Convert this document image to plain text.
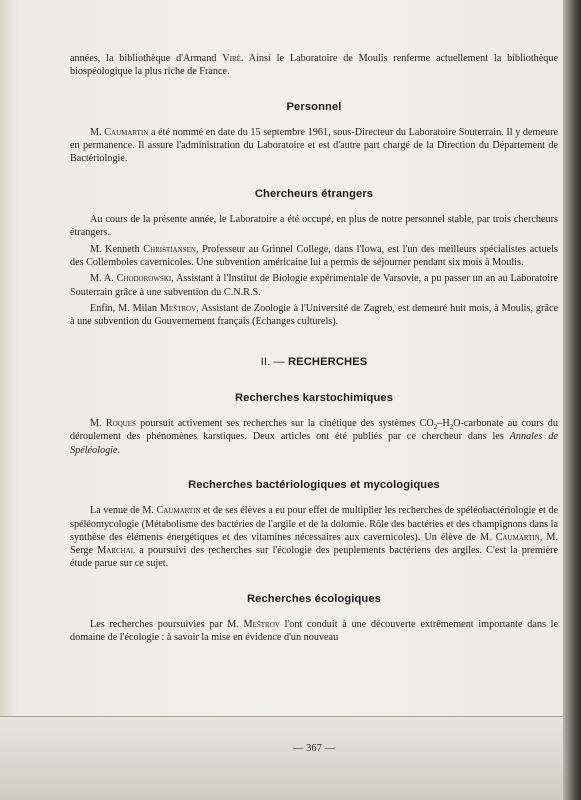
années, la bibliothèque d'Armand Viré. Ainsi le Laboratoire de Moulis renferme actuellement la bibliothèque biospéologique la plus riche de France.

Personnel

M. Caumartin a été nommé en date du 15 septembre 1961, sous-Directeur du Laboratoire Souterrain. Il y demeure en permanence. Il assure l'administration du Laboratoire et est d'autre part chargé de la Direction du Département de Bactériologie.

Chercheurs étrangers

Au cours de la présente année, le Laboratoire a été occupé, en plus de notre personnel stable, par trois chercheurs étrangers.

M. Kenneth Christiansen, Professeur au Grinnel College, dans l'Iowa, est l'un des meilleurs spécialistes actuels des Collemboles cavernicoles. Une subvention américaine lui a permis de séjourner pendant six mois à Moulis.

M. A. Chodorowski, Assistant à l'Institut de Biologie expérimentale de Varsovie, a pu passer un an au Laboratoire Souterrain grâce à une subvention du C.N.R.S.

Enfin, M. Milan Meštrov, Assistant de Zoologie à l'Université de Zagreb, est demeuré huit mois, à Moulis, grâce à une subvention du Gouvernement français (Echanges culturels).

II. — RECHERCHES
Recherches karstochimiques

M. Roques poursuit activement ses recherches sur la cinétique des systèmes $CO_2-H_2O$-carbonate au cours du déroulement des phénomènes karstiques. Deux articles ont été publiés par ce chercheur dans les Annales de Spéléologie.

Recherches bactériologiques et mycologiques

La venue de M. Caumartin et de ses élèves a eu pour effet de multiplier les recherches de spéléobactériologie et de spéléomycologie (Métabolisme des bactéries de l'argile et de la dolomie. Rôle des bactéries et des champignons dans la synthèse des éléments énergétiques et des vitamines nécessaires aux cavernicoles). Un élève de M. Caumartin, M. Serge Marchal a poursuivi des recherches sur l'écologie des peuplements bactériens des argiles. C'est la première étude parue sur ce sujet.

Recherches écologiques

Les recherches poursuivies par M. Meštrov l'ont conduit à une découverte extrêmement importante dans le domaine de l'écologie : à savoir la mise en évidence d'un nouveau

— 367 —
